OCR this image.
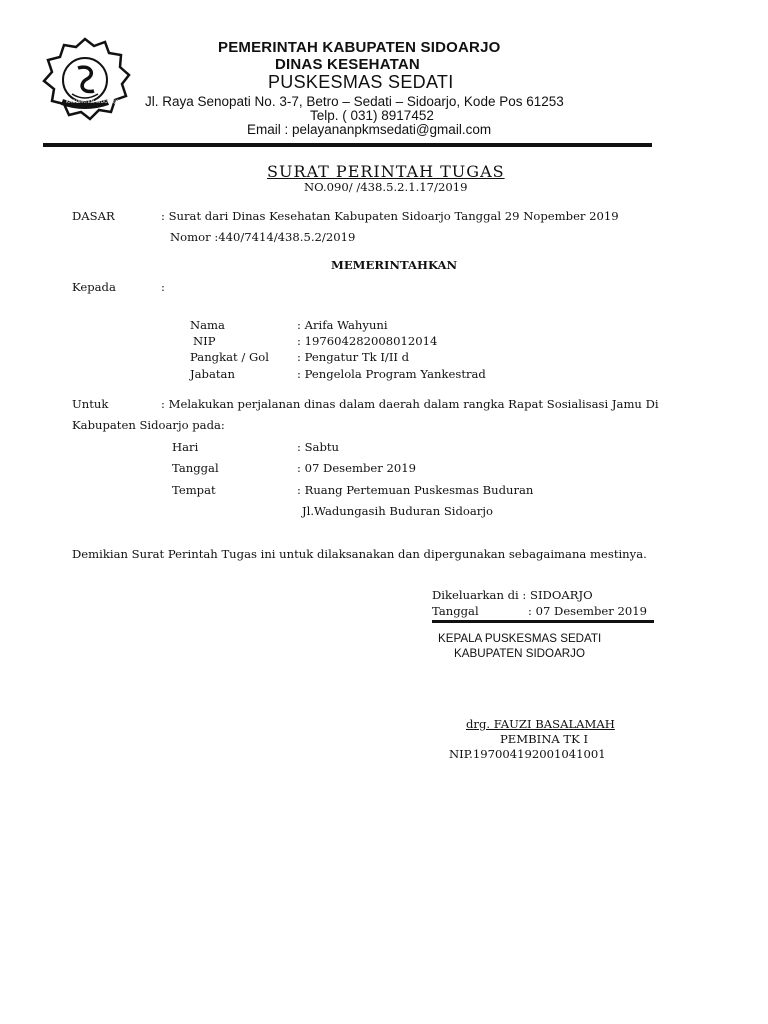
KABUPATEN SIDOARJO
PEMERINTAH KABUPATEN SIDOARJO
DINAS KESEHATAN
PUSKESMAS SEDATI
Jl. Raya Senopati No. 3-7, Betro – Sedati – Sidoarjo, Kode Pos 61253
Telp. ( 031) 8917452
Email : pelayananpkmsedati@gmail.com
SURAT PERINTAH TUGAS
NO.090/ /438.5.2.1.17/2019
DASAR	: Surat dari Dinas Kesehatan Kabupaten Sidoarjo Tanggal 29 Nopember 2019
Nomor :440/7414/438.5.2/2019
MEMERINTAHKAN
Kepada	:
Nama	: Arifa Wahyuni
NIP	: 197604282008012014
Pangkat / Gol : Pengatur Tk I/II d
Jabatan	: Pengelola Program Yankestrad
Untuk	: Melakukan perjalanan dinas dalam daerah dalam rangka Rapat Sosialisasi Jamu Di
Kabupaten Sidoarjo pada:
Hari	: Sabtu
Tanggal	: 07 Desember 2019
Tempat	: Ruang Pertemuan Puskesmas Buduran
Jl.Wadungasih Buduran Sidoarjo
Demikian Surat Perintah Tugas ini untuk dilaksanakan dan dipergunakan sebagaimana mestinya.
Dikeluarkan di : SIDOARJO
Tanggal	: 07 Desember 2019
KEPALA PUSKESMAS SEDATI
KABUPATEN SIDOARJO
drg. FAUZI BASALAMAH
PEMBINA TK I
NIP.197004192001041001
